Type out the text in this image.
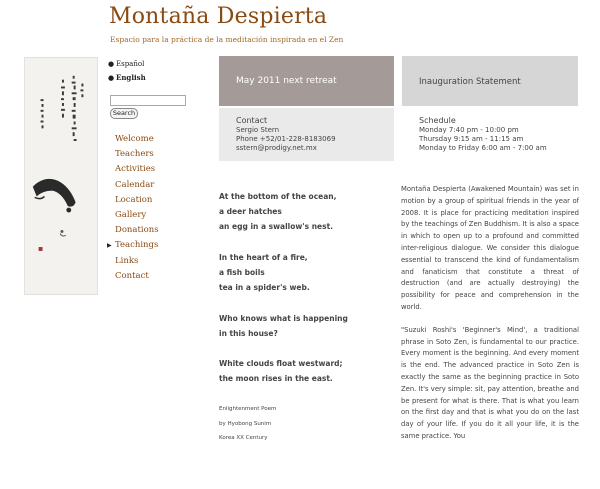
Montaña Despierta
Espacio para la práctica de la meditación inspirada en el Zen
● Español
● English
Search
Welcome
Teachers
Activities
Calendar
Location
Gallery
Donations
▶ Teachings
Links
Contact
May 2011 next retreat	Inauguration Statement
Contact
Sergio Stern
Phone +52/01-228-8183069
sstern@prodigy.net.mx
Schedule
Monday 7:40 pm - 10:00 pm
Thursday 9:15 am - 11:15 am
Monday to Friday 6:00 am - 7:00 am
At the bottom of the ocean,
a deer hatches
an egg in a swallow's nest.
In the heart of a fire,
a fish boils
tea in a spider's web.
Who knows what is happening
in this house?
White clouds float westward;
the moon rises in the east.
Enlightenment Poem
by Hyobong Sunim
Korea XX Century

Montaña Despierta (Awakened Mountain) was set in motion by a group of spiritual friends in the year of 2008. It is place for practicing meditation inspired by the teachings of Zen Buddhism. It is also a space in which to open up to a profound and committed inter-religious dialogue. We consider this dialogue essential to transcend the kind of fundamentalism and fanaticism that constitute a threat of destruction (and are actually destroying) the possibility for peace and comprehension in the world.

"Suzuki Roshi's 'Beginner's Mind', a traditional phrase in Soto Zen, is fundamental to our practice. Every moment is the beginning. And every moment is the end. The advanced practice in Soto Zen is exactly the same as the beginning practice in Soto Zen. It's very simple: sit, pay attention, breathe and be present for what is there. That is what you learn on the first day and that is what you do on the last day of your life. If you do it all your life, it is the same practice. You
